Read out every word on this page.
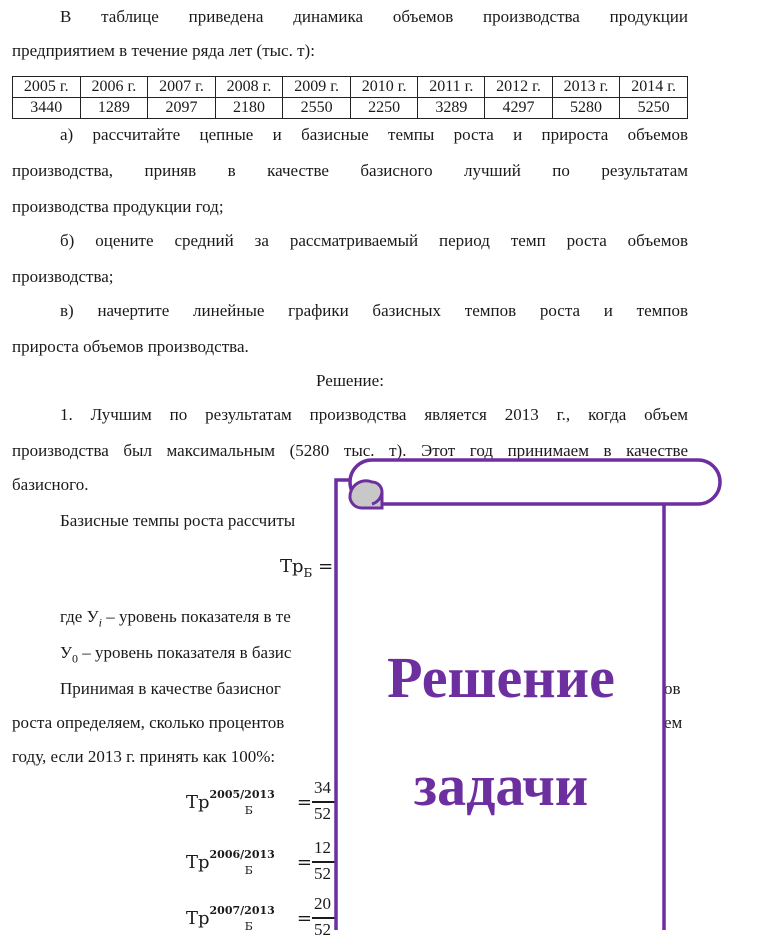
В таблице приведена динамика объемов производства продукции
предприятием в течение ряда лет (тыс. т):
2005 г.	2006 г.	2007 г.	2008 г.	2009 г.	2010 г.	2011 г.	2012 г.	2013 г.	2014 г.
3440	1289	2097	2180	2550	2250	3289	4297	5280	5250
а) рассчитайте цепные и базисные темпы роста и прироста объемов
производства, приняв в качестве базисного лучший по результатам
производства продукции год;
б) оцените средний за рассматриваемый период темп роста объемов
производства;
в) начертите линейные графики базисных темпов роста и темпов
прироста объемов производства.
Решение:
1. Лучшим по результатам производства является 2013 г., когда объем
производства был максимальным (5280 тыс. т). Этот год принимаем в качестве
базисного.
Базисные темпы роста рассчиты
$Тр_Б$ =
где $У_i$ – уровень показателя в те
$У_0$ – уровень показателя в базис
Принимая в качестве базисног	ов
роста определяем, сколько процентов	ем
году, если 2013 г. принять как 100%:
$Тр^{2005/2013}_Б$ =
34
52
$Тр^{2006/2013}_Б$ =
12
52
$Тр^{2007/2013}_Б$ =
20
52
Решение
задачи
